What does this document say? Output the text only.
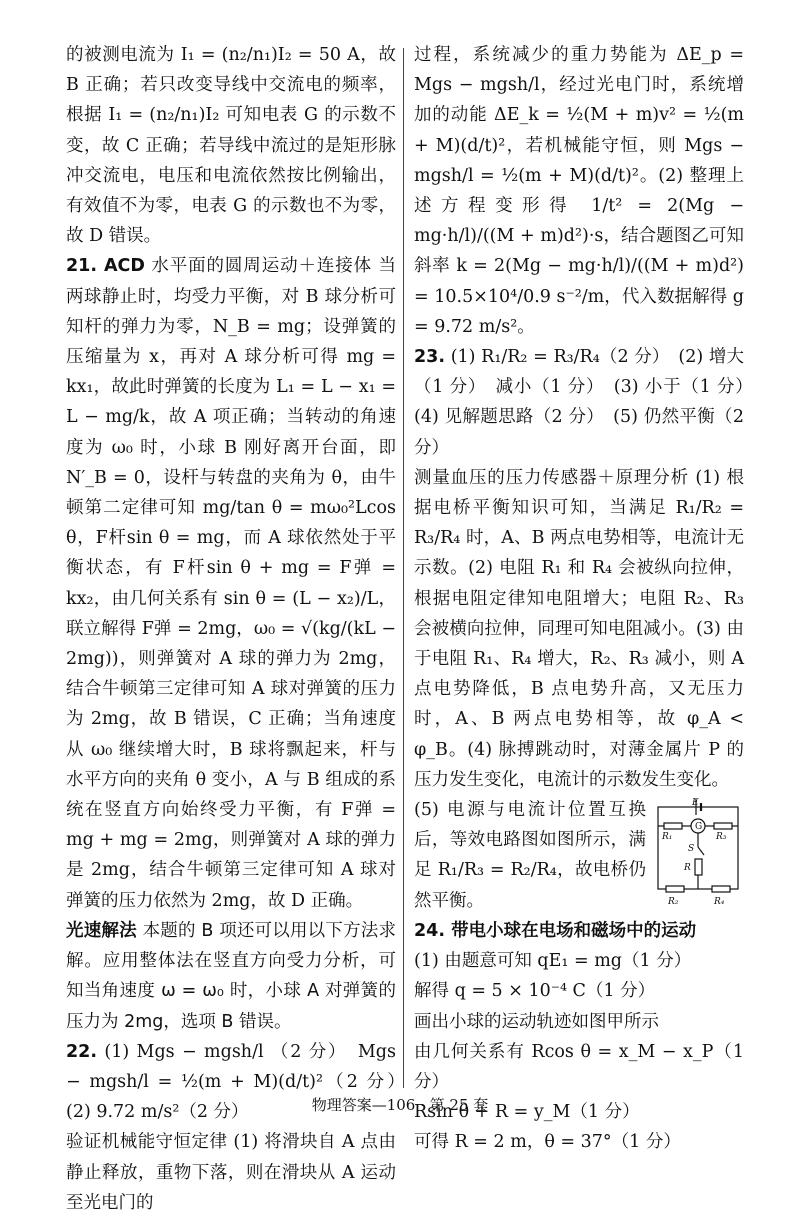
的被测电流为 I₁ = (n₂/n₁)I₂ = 50 A，故 B 正确；若只改变导线中交流电的频率，根据 I₁ = (n₂/n₁)I₂ 可知电表 G 的示数不变，故 C 正确；若导线中流过的是矩形脉冲交流电，电压和电流依然按比例输出，有效值不为零，电表 G 的示数也不为零，故 D 错误。

21. ACD 水平面的圆周运动＋连接体 当两球静止时，均受力平衡，对 B 球分析可知杆的弹力为零，N_B = mg；设弹簧的压缩量为 x，再对 A 球分析可得 mg = kx₁，故此时弹簧的长度为 L₁ = L − x₁ = L − mg/k，故 A 项正确；当转动的角速度为 ω₀ 时，小球 B 刚好离开台面，即 N′_B = 0，设杆与转盘的夹角为 θ，由牛顿第二定律可知 mg/tan θ = mω₀²Lcos θ，F杆sin θ = mg，而 A 球依然处于平衡状态，有 F杆sin θ + mg = F弹 = kx₂，由几何关系有 sin θ = (L − x₂)/L，联立解得 F弹 = 2mg，ω₀ = √(kg/(kL − 2mg))，则弹簧对 A 球的弹力为 2mg，结合牛顿第三定律可知 A 球对弹簧的压力为 2mg，故 B 错误，C 正确；当角速度从 ω₀ 继续增大时，B 球将飘起来，杆与水平方向的夹角 θ 变小，A 与 B 组成的系统在竖直方向始终受力平衡，有 F弹 = mg + mg = 2mg，则弹簧对 A 球的弹力是 2mg，结合牛顿第三定律可知 A 球对弹簧的压力依然为 2mg，故 D 正确。

光速解法 本题的 B 项还可以用以下方法求解。应用整体法在竖直方向受力分析，可知当角速度 ω = ω₀ 时，小球 A 对弹簧的压力为 2mg，选项 B 错误。

22. (1) Mgs − mgsh/l （2 分）　Mgs − mgsh/l = ½(m + M)(d/t)²（2 分）　(2) 9.72 m/s²（2 分）

验证机械能守恒定律 (1) 将滑块自 A 点由静止释放，重物下落，则在滑块从 A 运动至光电门的

过程，系统减少的重力势能为 ΔE_p = Mgs − mgsh/l，经过光电门时，系统增加的动能 ΔE_k = ½(M + m)v² = ½(m + M)(d/t)²，若机械能守恒，则 Mgs − mgsh/l = ½(m + M)(d/t)²。(2) 整理上述方程变形得 1/t² = 2(Mg − mg·h/l)/((M + m)d²)·s，结合题图乙可知斜率 k = 2(Mg − mg·h/l)/((M + m)d²) = 10.5×10⁴/0.9 s⁻²/m，代入数据解得 g = 9.72 m/s²。

23. (1) R₁/R₂ = R₃/R₄（2 分）　(2) 增大（1 分）　减小（1 分）　(3) 小于（1 分）　(4) 见解题思路（2 分）　(5) 仍然平衡（2 分）

测量血压的压力传感器＋原理分析 (1) 根据电桥平衡知识可知，当满足 R₁/R₂ = R₃/R₄ 时，A、B 两点电势相等，电流计无示数。(2) 电阻 R₁ 和 R₄ 会被纵向拉伸，根据电阻定律知电阻增大；电阻 R₂、R₃ 会被横向拉伸，同理可知电阻减小。(3) 由于电阻 R₁、R₄ 增大，R₂、R₃ 减小，则 A 点电势降低，B 点电势升高，又无压力时，A、B 两点电势相等，故 φ_A < φ_B。(4) 脉搏跳动时，对薄金属片 P 的压力发生变化，电流计的示数发生变化。

E
R₁	R₃
G
S
R
R₂	R₄
(5) 电源与电流计位置互换后，等效电路图如图所示，满足 R₁/R₃ = R₂/R₄，故电桥仍然平衡。

24. 带电小球在电场和磁场中的运动

(1) 由题意可知 qE₁ = mg（1 分）

解得 q = 5 × 10⁻⁴ C（1 分）

画出小球的运动轨迹如图甲所示

由几何关系有 Rcos θ = x_M − x_P（1 分）

Rsin θ + R = y_M（1 分）

可得 R = 2 m，θ = 37°（1 分）

物理答案—106 · 第 25 套
